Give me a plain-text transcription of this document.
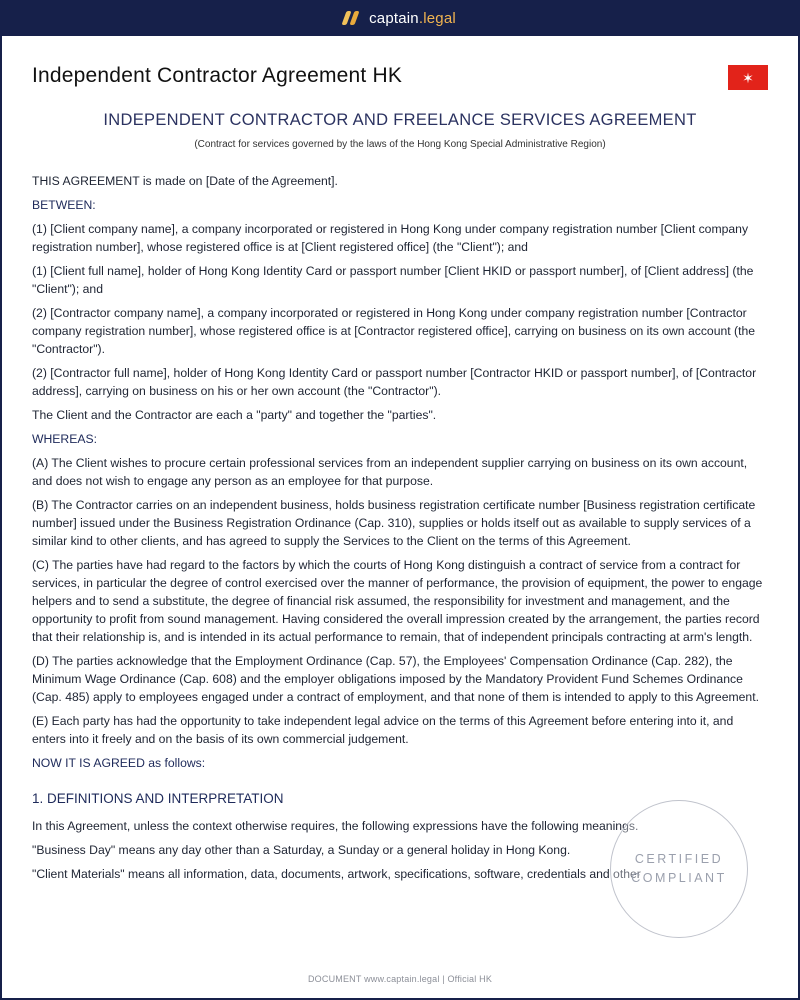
captain.legal
Independent Contractor Agreement HK	✶
INDEPENDENT CONTRACTOR AND FREELANCE SERVICES AGREEMENT

(Contract for services governed by the laws of the Hong Kong Special Administrative Region)

THIS AGREEMENT is made on [Date of the Agreement].

BETWEEN:

(1) [Client company name], a company incorporated or registered in Hong Kong under company registration number [Client company registration number], whose registered office is at [Client registered office] (the "Client"); and

(1) [Client full name], holder of Hong Kong Identity Card or passport number [Client HKID or passport number], of [Client address] (the "Client"); and

(2) [Contractor company name], a company incorporated or registered in Hong Kong under company registration number [Contractor company registration number], whose registered office is at [Contractor registered office], carrying on business on its own account (the "Contractor").

(2) [Contractor full name], holder of Hong Kong Identity Card or passport number [Contractor HKID or passport number], of [Contractor address], carrying on business on his or her own account (the "Contractor").

The Client and the Contractor are each a "party" and together the "parties".

WHEREAS:

(A) The Client wishes to procure certain professional services from an independent supplier carrying on business on its own account, and does not wish to engage any person as an employee for that purpose.

(B) The Contractor carries on an independent business, holds business registration certificate number [Business registration certificate number] issued under the Business Registration Ordinance (Cap. 310), supplies or holds itself out as available to supply services of a similar kind to other clients, and has agreed to supply the Services to the Client on the terms of this Agreement.

(C) The parties have had regard to the factors by which the courts of Hong Kong distinguish a contract of service from a contract for services, in particular the degree of control exercised over the manner of performance, the provision of equipment, the power to engage helpers and to send a substitute, the degree of financial risk assumed, the responsibility for investment and management, and the opportunity to profit from sound management. Having considered the overall impression created by the arrangement, the parties record that their relationship is, and is intended in its actual performance to remain, that of independent principals contracting at arm's length.

(D) The parties acknowledge that the Employment Ordinance (Cap. 57), the Employees' Compensation Ordinance (Cap. 282), the Minimum Wage Ordinance (Cap. 608) and the employer obligations imposed by the Mandatory Provident Fund Schemes Ordinance (Cap. 485) apply to employees engaged under a contract of employment, and that none of them is intended to apply to this Agreement.

(E) Each party has had the opportunity to take independent legal advice on the terms of this Agreement before entering into it, and enters into it freely and on the basis of its own commercial judgement.

NOW IT IS AGREED as follows:

1. DEFINITIONS AND INTERPRETATION

In this Agreement, unless the context otherwise requires, the following expressions have the following meanings.

"Business Day" means any day other than a Saturday, a Sunday or a general holiday in Hong Kong.

"Client Materials" means all information, data, documents, artwork, specifications, software, credentials and other

CERTIFIED
COMPLIANT
DOCUMENT www.captain.legal | Official HK
